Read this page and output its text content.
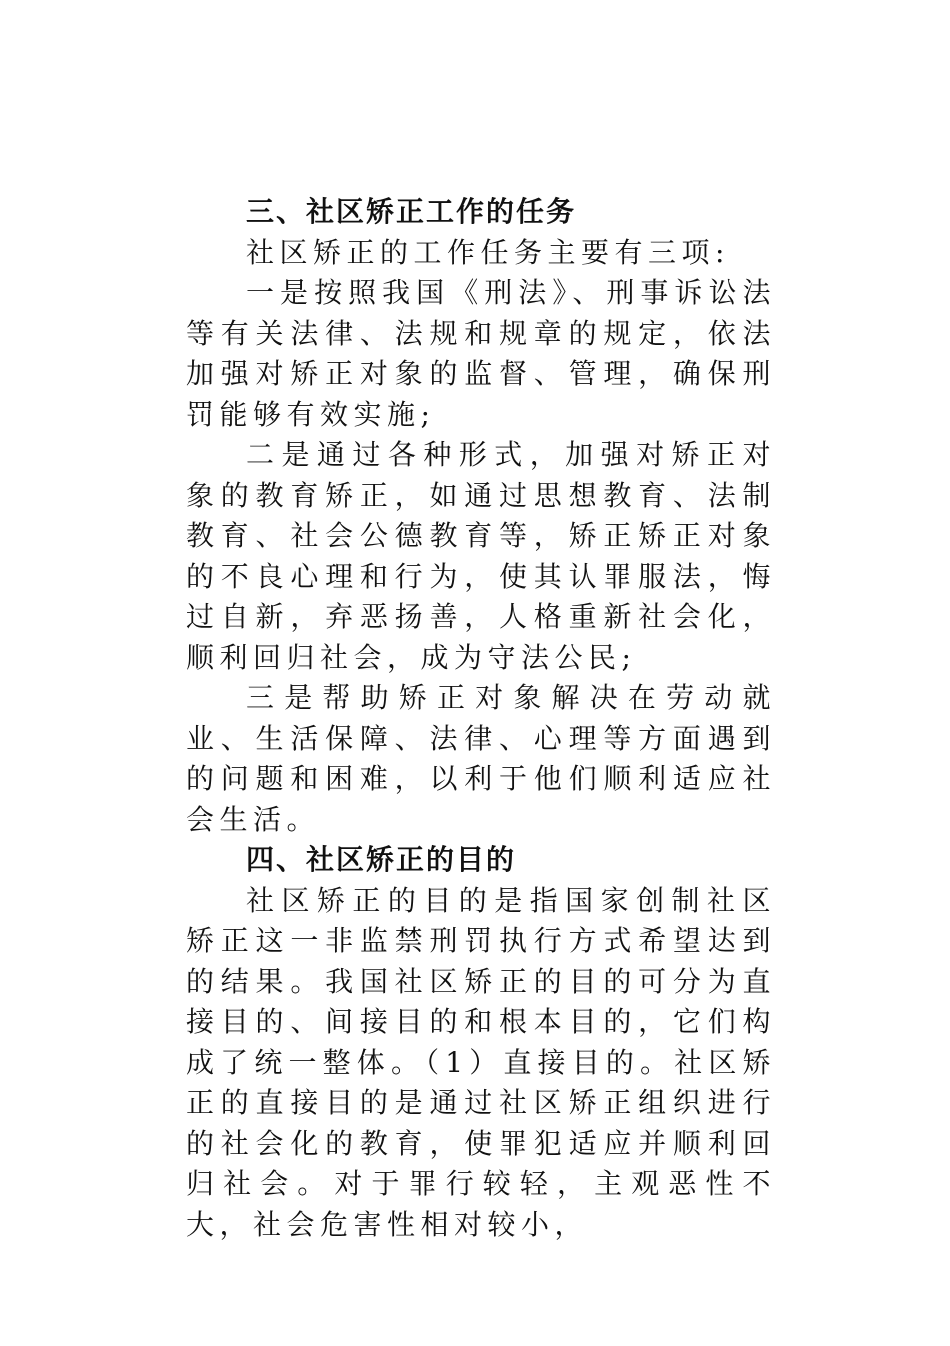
三、社区矫正工作的任务

社区矫正的工作任务主要有三项:

一是按照我国《刑法》、刑事诉讼法等有关法律、法规和规章的规定，依法加强对矫正对象的监督、管理，确保刑罚能够有效实施;

二是通过各种形式，加强对矫正对象的教育矫正，如通过思想教育、法制教育、社会公德教育等，矫正矫正对象的不良心理和行为，使其认罪服法，悔过自新，弃恶扬善，人格重新社会化，顺利回归社会，成为守法公民;

三是帮助矫正对象解决在劳动就业、生活保障、法律、心理等方面遇到的问题和困难，以利于他们顺利适应社会生活。

四、社区矫正的目的

社区矫正的目的是指国家创制社区矫正这一非监禁刑罚执行方式希望达到的结果。我国社区矫正的目的可分为直接目的、间接目的和根本目的，它们构成了统一整体。（1）直接目的。社区矫正的直接目的是通过社区矫正组织进行的社会化的教育，使罪犯适应并顺利回归社会。对于罪行较轻，主观恶性不大，社会危害性相对较小，
